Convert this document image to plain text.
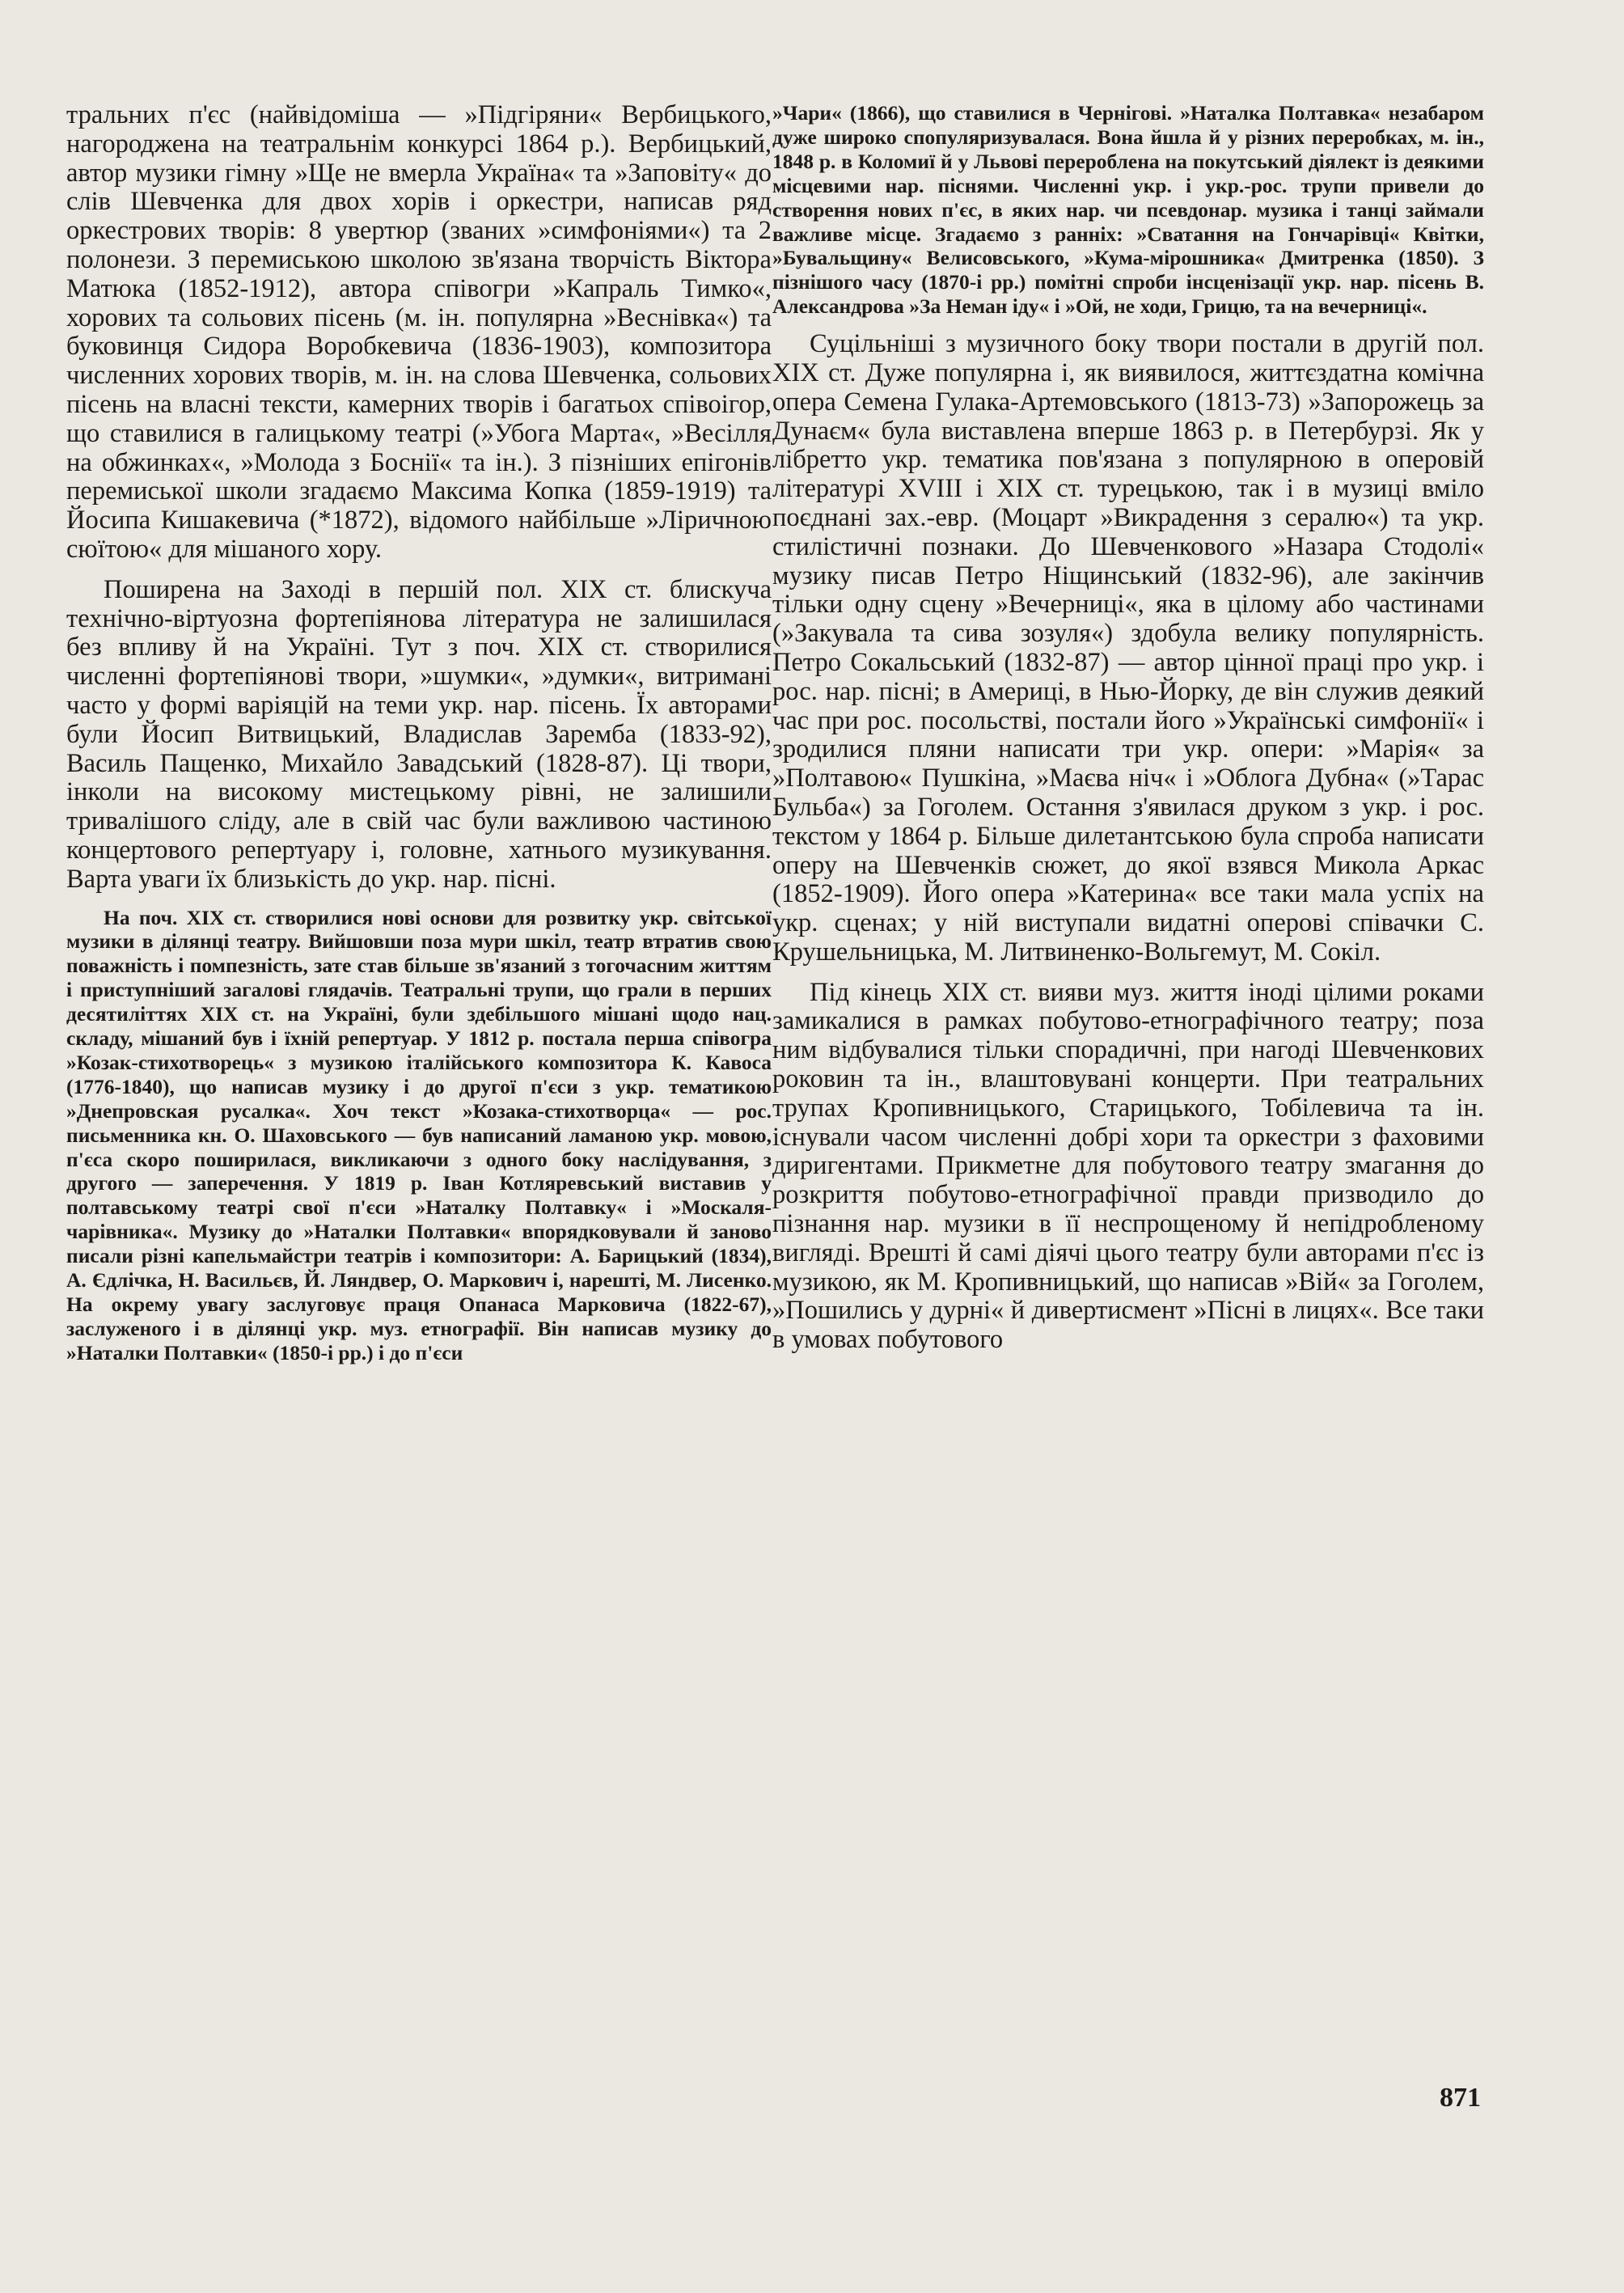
тральних п'єс (найвідоміша — »Підгіряни« Вербицького, нагороджена на театральнім конкурсі 1864 р.). Вербицький, автор музики гімну »Ще не вмерла Україна« та »Заповіту« до слів Шевченка для двох хорів і оркестри, написав ряд оркестрових творів: 8 увертюр (званих »симфоніями«) та 2 полонези. З перемиською школою зв'язана творчість Віктора Матюка (1852-1912), автора співогри »Капраль Тимко«, хорових та сольових пісень (м. ін. популярна »Веснівка«) та буковинця Сидора Воробкевича (1836-1903), композитора численних хорових творів, м. ін. на слова Шевченка, сольових пісень на власні тексти, камерних творів і багатьох співоігор, що ставилися в галицькому театрі (»Убога Марта«, »Весілля на обжинках«, »Молода з Боснії« та ін.). З пізніших епігонів перемиської школи згадаємо Максима Копка (1859-1919) та Йосипа Кишакевича (*1872), відомого найбільше »Ліричною сюїтою« для мішаного хору.

Поширена на Заході в першій пол. XIX ст. блискуча технічно-віртуозна фортепіянова література не залишилася без впливу й на Україні. Тут з поч. XIX ст. створилися численні фортепіянові твори, »шумки«, »думки«, витримані часто у формі варіяцій на теми укр. нар. пісень. Їх авторами були Йосип Витвицький, Владислав Заремба (1833-92), Василь Пащенко, Михайло Завадський (1828-87). Ці твори, інколи на високому мистецькому рівні, не залишили тривалішого сліду, але в свій час були важливою частиною концертового репертуару і, головне, хатнього музикування. Варта уваги їх близькість до укр. нар. пісні.

На поч. XIX ст. створилися нові основи для розвитку укр. світської музики в ділянці театру. Вийшовши поза мури шкіл, театр втратив свою поважність і помпезність, зате став більше зв'язаний з тогочасним життям і приступніший загалові глядачів. Театральні трупи, що грали в перших десятиліттях XIX ст. на Україні, були здебільшого мішані щодо нац. складу, мішаний був і їхній репертуар. У 1812 р. постала перша співогра »Козак-стихотворець« з музикою італійського композитора К. Кавоса (1776-1840), що написав музику і до другої п'єси з укр. тематикою »Днепровская русалка«. Хоч текст »Козака-стихотворца« — рос. письменника кн. О. Шаховського — був написаний ламаною укр. мовою, п'єса скоро поширилася, викликаючи з одного боку наслідування, з другого — заперечення. У 1819 р. Іван Котляревський виставив у полтавському театрі свої п'єси »Наталку Полтавку« і »Москаля-чарівника«. Музику до »Наталки Полтавки« впорядковували й заново писали різні капельмайстри театрів і композитори: А. Барицький (1834), А. Єдлічка, Н. Васильєв, Й. Ляндвер, О. Маркович і, нарешті, М. Лисенко. На окрему увагу заслуговує праця Опанаса Марковича (1822-67), заслуженого і в ділянці укр. муз. етнографії. Він написав музику до »Наталки Полтавки« (1850-і рр.) і до п'єси

»Чари« (1866), що ставилися в Чернігові. »Наталка Полтавка« незабаром дуже широко спопуляризувалася. Вона йшла й у різних переробках, м. ін., 1848 р. в Коломиї й у Львові перероблена на покутський діялект із деякими місцевими нар. піснями. Численні укр. і укр.-рос. трупи привели до створення нових п'єс, в яких нар. чи псевдонар. музика і танці займали важливе місце. Згадаємо з ранніх: »Сватання на Гончарівці« Квітки, »Бувальщину« Велисовського, »Кума-мірошника« Дмитренка (1850). З пізнішого часу (1870-і рр.) помітні спроби інсценізації укр. нар. пісень В. Александрова »За Неман іду« і »Ой, не ходи, Грицю, та на вечерниці«.

Суцільніші з музичного боку твори постали в другій пол. XIX ст. Дуже популярна і, як виявилося, життєздатна комічна опера Семена Гулака-Артемовського (1813-73) »Запорожець за Дунаєм« була виставлена вперше 1863 р. в Петербурзі. Як у лібретто укр. тематика пов'язана з популярною в оперовій літературі XVIII і XIX ст. турецькою, так і в музиці вміло поєднані зах.-евр. (Моцарт »Викрадення з сералю«) та укр. стилістичні познаки. До Шевченкового »Назара Стодолі« музику писав Петро Ніщинський (1832-96), але закінчив тільки одну сцену »Вечерниці«, яка в цілому або частинами (»Закувала та сива зозуля«) здобула велику популярність. Петро Сокальський (1832-87) — автор цінної праці про укр. і рос. нар. пісні; в Америці, в Нью-Йорку, де він служив деякий час при рос. посольстві, постали його »Українські симфонії« і зродилися пляни написати три укр. опери: »Марія« за »Полтавою« Пушкіна, »Маєва ніч« і »Облога Дубна« (»Тарас Бульба«) за Гоголем. Остання з'явилася друком з укр. і рос. текстом у 1864 р. Більше дилетантською була спроба написати оперу на Шевченків сюжет, до якої взявся Микола Аркас (1852-1909). Його опера »Катерина« все таки мала успіх на укр. сценах; у ній виступали видатні оперові співачки С. Крушельницька, М. Литвиненко-Вольгемут, М. Сокіл.

Під кінець XIX ст. вияви муз. життя іноді цілими роками замикалися в рамках побутово-етнографічного театру; поза ним відбувалися тільки спорадичні, при нагоді Шевченкових роковин та ін., влаштовувані концерти. При театральних трупах Кропивницького, Старицького, Тобілевича та ін. існували часом численні добрі хори та оркестри з фаховими диригентами. Прикметне для побутового театру змагання до розкриття побутово-етнографічної правди призводило до пізнання нар. музики в її неспрощеному й непідробленому вигляді. Врешті й самі діячі цього театру були авторами п'єс із музикою, як М. Кропивницький, що написав »Вій« за Гоголем, »Пошились у дурні« й дивертисмент »Пісні в лицях«. Все таки в умовах побутового

871
